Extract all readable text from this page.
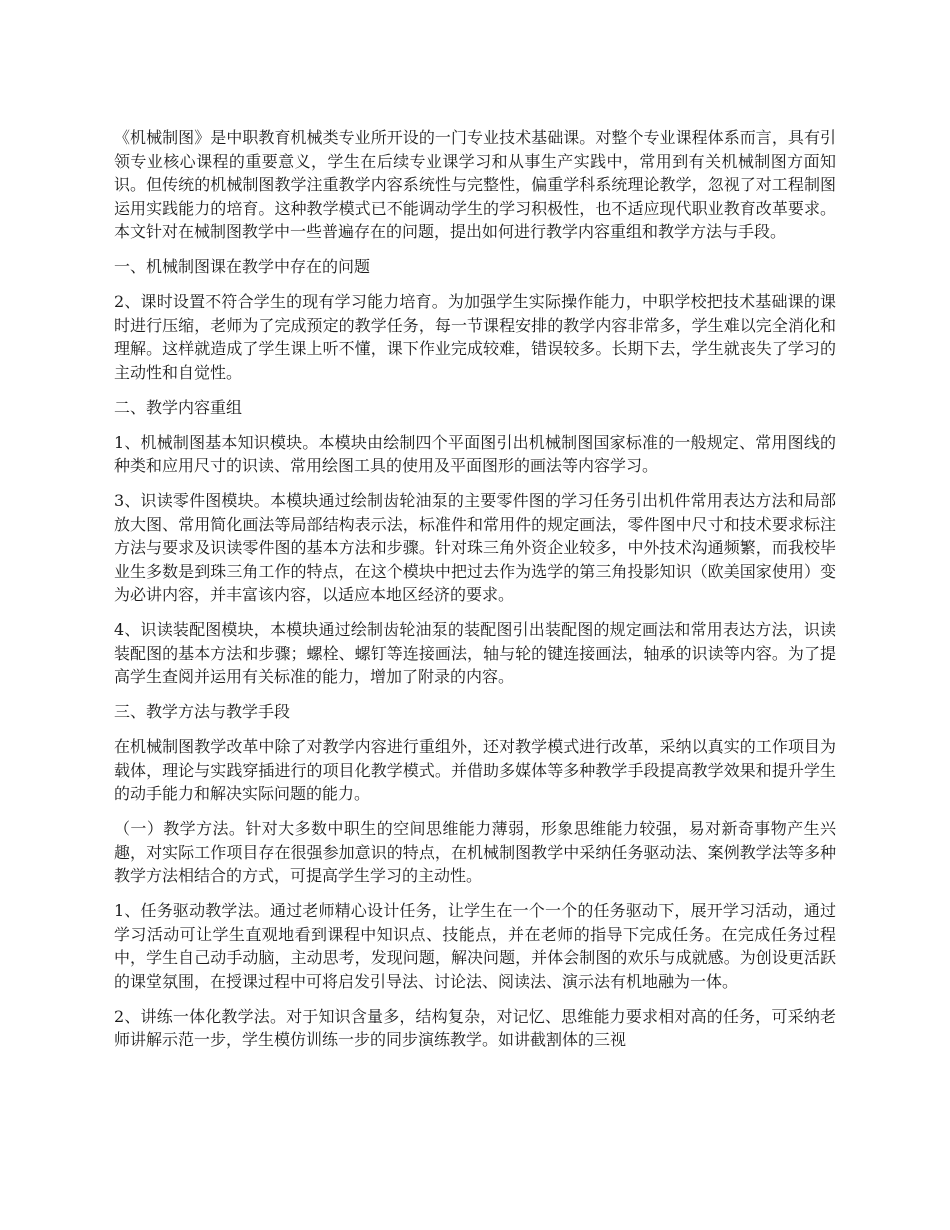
《机械制图》是中职教育机械类专业所开设的一门专业技术基础课。对整个专业课程体系而言，具有引领专业核心课程的重要意义，学生在后续专业课学习和从事生产实践中，常用到有关机械制图方面知识。但传统的机械制图教学注重教学内容系统性与完整性，偏重学科系统理论教学，忽视了对工程制图运用实践能力的培育。这种教学模式已不能调动学生的学习积极性，也不适应现代职业教育改革要求。本文针对在械制图教学中一些普遍存在的问题，提出如何进行教学内容重组和教学方法与手段。

一、机械制图课在教学中存在的问题

2、课时设置不符合学生的现有学习能力培育。为加强学生实际操作能力，中职学校把技术基础课的课时进行压缩，老师为了完成预定的教学任务，每一节课程安排的教学内容非常多，学生难以完全消化和理解。这样就造成了学生课上听不懂，课下作业完成较难，错误较多。长期下去，学生就丧失了学习的主动性和自觉性。

二、教学内容重组

1、机械制图基本知识模块。本模块由绘制四个平面图引出机械制图国家标准的一般规定、常用图线的种类和应用尺寸的识读、常用绘图工具的使用及平面图形的画法等内容学习。

3、识读零件图模块。本模块通过绘制齿轮油泵的主要零件图的学习任务引出机件常用表达方法和局部放大图、常用简化画法等局部结构表示法，标准件和常用件的规定画法，零件图中尺寸和技术要求标注方法与要求及识读零件图的基本方法和步骤。针对珠三角外资企业较多，中外技术沟通频繁，而我校毕业生多数是到珠三角工作的特点，在这个模块中把过去作为选学的第三角投影知识（欧美国家使用）变为必讲内容，并丰富该内容，以适应本地区经济的要求。

4、识读装配图模块，本模块通过绘制齿轮油泵的装配图引出装配图的规定画法和常用表达方法，识读装配图的基本方法和步骤；螺栓、螺钉等连接画法，轴与轮的键连接画法，轴承的识读等内容。为了提高学生查阅并运用有关标准的能力，增加了附录的内容。

三、教学方法与教学手段

在机械制图教学改革中除了对教学内容进行重组外，还对教学模式进行改革，采纳以真实的工作项目为载体，理论与实践穿插进行的项目化教学模式。并借助多媒体等多种教学手段提高教学效果和提升学生的动手能力和解决实际问题的能力。

（一）教学方法。针对大多数中职生的空间思维能力薄弱，形象思维能力较强，易对新奇事物产生兴趣，对实际工作项目存在很强参加意识的特点，在机械制图教学中采纳任务驱动法、案例教学法等多种教学方法相结合的方式，可提高学生学习的主动性。

1、任务驱动教学法。通过老师精心设计任务，让学生在一个一个的任务驱动下，展开学习活动，通过学习活动可让学生直观地看到课程中知识点、技能点，并在老师的指导下完成任务。在完成任务过程中，学生自己动手动脑，主动思考，发现问题，解决问题，并体会制图的欢乐与成就感。为创设更活跃的课堂氛围，在授课过程中可将启发引导法、讨论法、阅读法、演示法有机地融为一体。

2、讲练一体化教学法。对于知识含量多，结构复杂，对记忆、思维能力要求相对高的任务，可采纳老师讲解示范一步，学生模仿训练一步的同步演练教学。如讲截割体的三视
